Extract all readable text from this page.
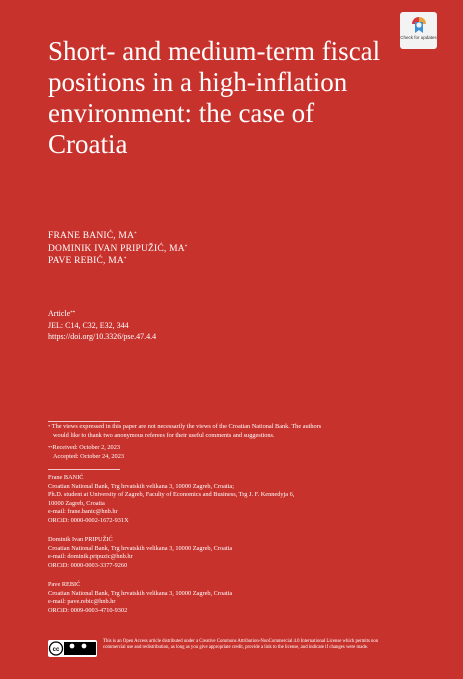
Check for updates
Short- and medium-term fiscal positions in a high-inflation environment: the case of Croatia
FRANE BANIĆ, MA*
DOMINIK IVAN PRIPUŽIĆ, MA*
PAVE REBIĆ, MA*
Article**
JEL: C14, C32, E32, 344
https://doi.org/10.3326/pse.47.4.4
* The views expressed in this paper are not necessarily the views of the Croatian National Bank. The authors
would like to thank two anonymous referees for their useful comments and suggestions.
**Received: October 2, 2023
Accepted: October 24, 2023
Frane BANIĆ
Croatian National Bank, Trg hrvatskih velikana 3, 10000 Zagreb, Croatia;
Ph.D. student at University of Zagreb, Faculty of Economics and Business, Trg J. F. Kennedyja 6,
10000 Zagreb, Croatia
e-mail: frane.banic@hnb.hr
ORCiD: 0000-0002-1672-931X
Dominik Ivan PRIPUŽIĆ
Croatian National Bank, Trg hrvatskih velikana 3, 10000 Zagreb, Croatia
e-mail: dominik.pripuzic@hnb.hr
ORCiD: 0000-0003-3377-9260
Pave REBIĆ
Croatian National Bank, Trg hrvatskih velikana 3, 10000 Zagreb, Croatia
e-mail: pave.rebic@hnb.hr
ORCiD: 0009-0003-4710-9302
cc
This is an Open Access article distributed under a Creative Commons Attribution-NonCommercial 4.0 International License which permits non commercial use and redistribution, as long as you give appropriate credit, provide a link to the license, and indicate if changes were made.
